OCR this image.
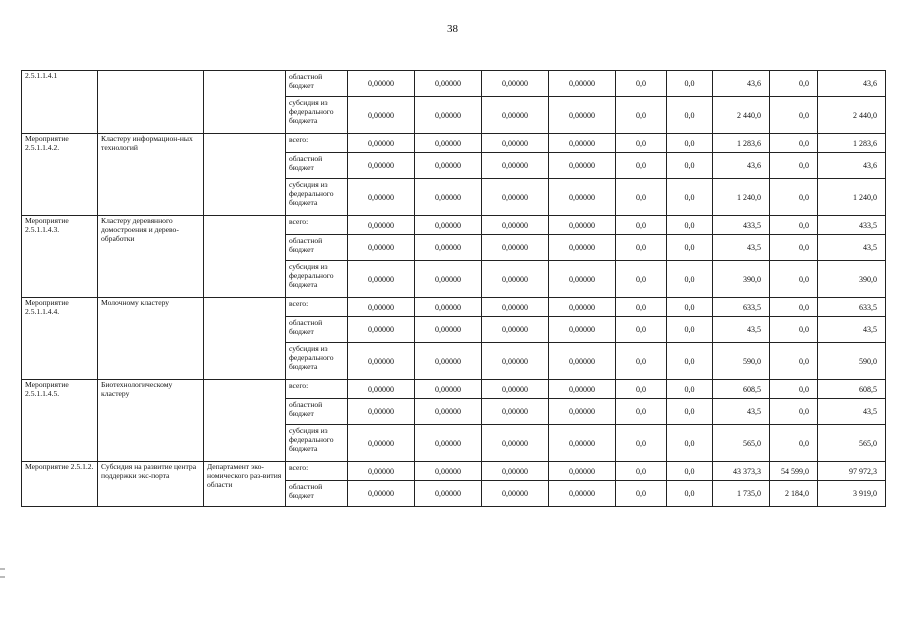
38
2.5.1.1.4.1			областной бюджет	0,00000	0,00000	0,00000	0,00000	0,0	0,0	43,6	0,0	43,6
			субсидия из федерального бюджета	0,00000	0,00000	0,00000	0,00000	0,0	0,0	2 440,0	0,0	2 440,0
Мероприятие 2.5.1.1.4.2.	Кластеру информацион-ных технологий		всего:	0,00000	0,00000	0,00000	0,00000	0,0	0,0	1 283,6	0,0	1 283,6
			областной бюджет	0,00000	0,00000	0,00000	0,00000	0,0	0,0	43,6	0,0	43,6
			субсидия из федерального бюджета	0,00000	0,00000	0,00000	0,00000	0,0	0,0	1 240,0	0,0	1 240,0
Мероприятие 2.5.1.1.4.3.	Кластеру деревянного домостроения и дерево-обработки		всего:	0,00000	0,00000	0,00000	0,00000	0,0	0,0	433,5	0,0	433,5
			областной бюджет	0,00000	0,00000	0,00000	0,00000	0,0	0,0	43,5	0,0	43,5
			субсидия из федерального бюджета	0,00000	0,00000	0,00000	0,00000	0,0	0,0	390,0	0,0	390,0
Мероприятие 2.5.1.1.4.4.	Молочному кластеру		всего:	0,00000	0,00000	0,00000	0,00000	0,0	0,0	633,5	0,0	633,5
			областной бюджет	0,00000	0,00000	0,00000	0,00000	0,0	0,0	43,5	0,0	43,5
			субсидия из федерального бюджета	0,00000	0,00000	0,00000	0,00000	0,0	0,0	590,0	0,0	590,0
Мероприятие 2.5.1.1.4.5.	Биотехнологическому кластеру		всего:	0,00000	0,00000	0,00000	0,00000	0,0	0,0	608,5	0,0	608,5
			областной бюджет	0,00000	0,00000	0,00000	0,00000	0,0	0,0	43,5	0,0	43,5
			субсидия из федерального бюджета	0,00000	0,00000	0,00000	0,00000	0,0	0,0	565,0	0,0	565,0
Мероприятие 2.5.1.2.	Субсидия на развитие центра поддержки экс-порта	Департамент эко-номического раз-вития области	всего:	0,00000	0,00000	0,00000	0,00000	0,0	0,0	43 373,3	54 599,0	97 972,3
			областной бюджет	0,00000	0,00000	0,00000	0,00000	0,0	0,0	1 735,0	2 184,0	3 919,0
